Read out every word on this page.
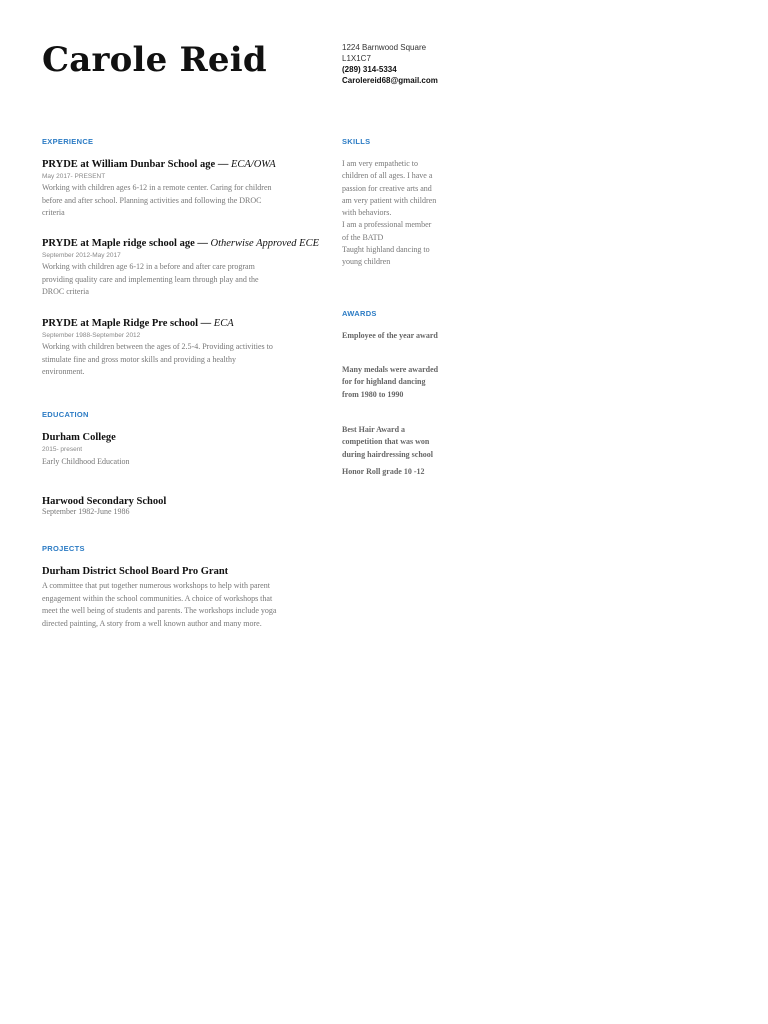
Carole Reid	1224 Barnwood Square
L1X1C7
(289) 314-5334
Carolereid68@gmail.com
EXPERIENCE

PRYDE at William Dunbar School age — ECA/OWA

May 2017- PRESENT

Working with children ages 6-12 in a remote center. Caring for children
before and after school. Planning activities and following the DROC
criteria

PRYDE at Maple ridge school age — Otherwise Approved ECE

September 2012-May 2017

Working with children age 6-12 in a before and after care program
providing quality care and implementing learn through play and the
DROC criteria

PRYDE at Maple Ridge Pre school — ECA

September 1988-September 2012

Working with children between the ages of 2.5-4. Providing activities to
stimulate fine and gross motor skills and providing a healthy
environment.

EDUCATION

Durham College

2015- present

Early Childhood Education

Harwood Secondary School

September 1982-June 1986

PROJECTS

Durham District School Board Pro Grant

A committee that put together numerous workshops to help with parent
engagement within the school communities. A choice of workshops that
meet the well being of students and parents. The workshops include yoga
directed painting, A story from a well known author and many more.

SKILLS

I am very empathetic to
children of all ages. I have a
passion for creative arts and
am very patient with children
with behaviors.
I am a professional member
of the BATD
Taught highland dancing to
young children

AWARDS

Employee of the year award

Many medals were awarded
for for highland dancing
from 1980 to 1990

Best Hair Award a
competition that was won
during hairdressing school

Honor Roll grade 10 -12
